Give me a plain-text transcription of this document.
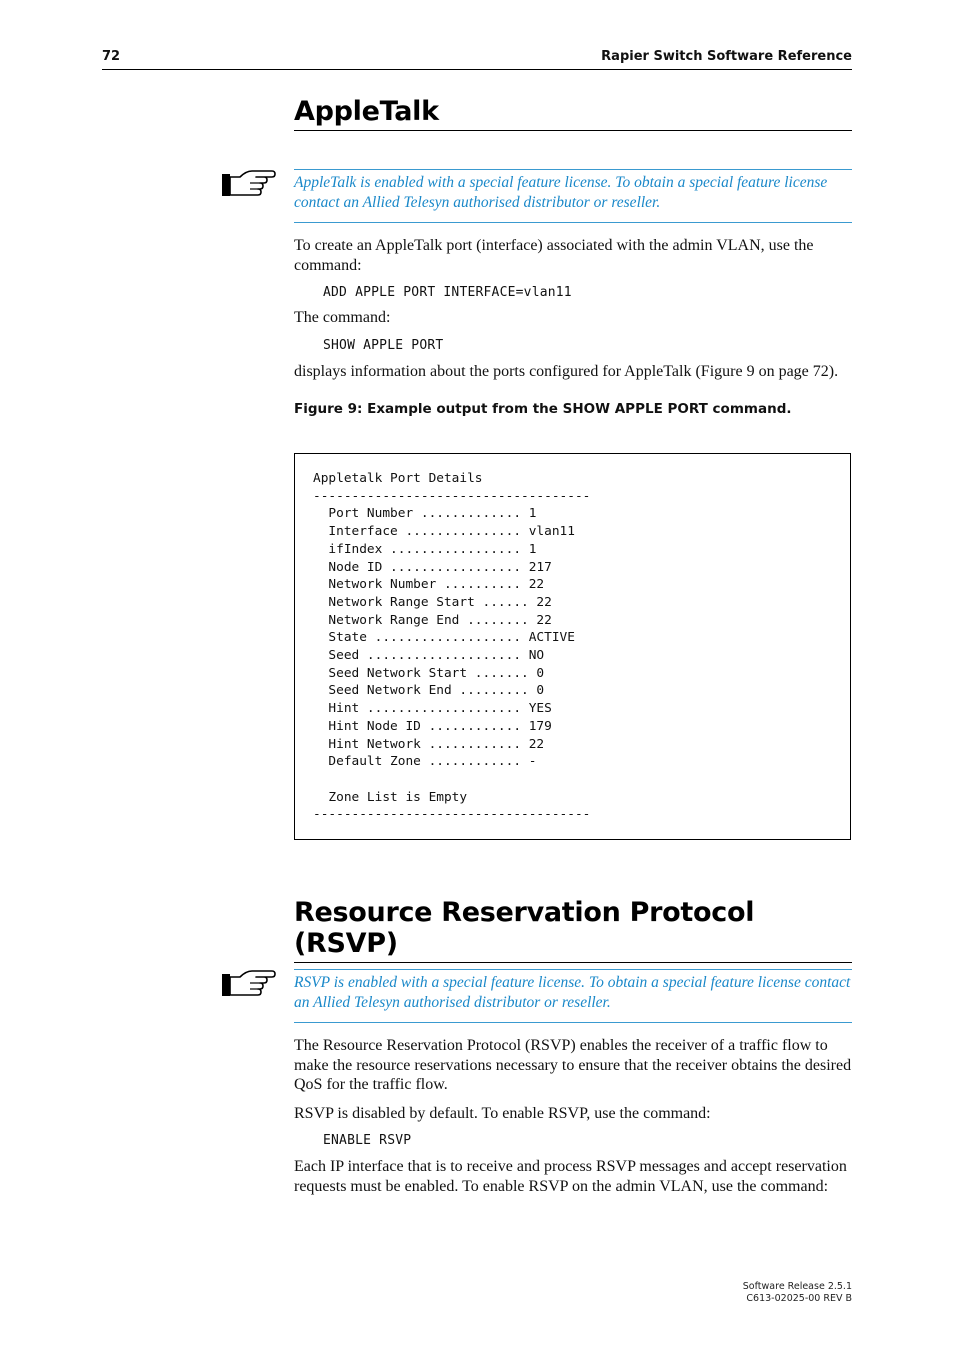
72	Rapier Switch Software Reference
AppleTalk

AppleTalk is enabled with a special feature license. To obtain a special feature license contact an Allied Telesyn authorised distributor or reseller.

To create an AppleTalk port (interface) associated with the admin VLAN, use the command:

ADD APPLE PORT INTERFACE=vlan11

The command:

SHOW APPLE PORT

displays information about the ports configured for AppleTalk (Figure 9 on page 72).

Figure 9: Example output from the SHOW APPLE PORT command.
Appletalk Port Details
------------------------------------
Port Number ............. 1
Interface ............... vlan11
ifIndex ................. 1
Node ID ................. 217
Network Number .......... 22
Network Range Start ...... 22
Network Range End ........ 22
State ................... ACTIVE
Seed .................... NO
Seed Network Start ....... 0
Seed Network End ......... 0
Hint .................... YES
Hint Node ID ............ 179
Hint Network ............ 22
Default Zone ............ -

Zone List is Empty
------------------------------------
Resource Reservation Protocol (RSVP)

RSVP is enabled with a special feature license. To obtain a special feature license contact an Allied Telesyn authorised distributor or reseller.

The Resource Reservation Protocol (RSVP) enables the receiver of a traffic flow to make the resource reservations necessary to ensure that the receiver obtains the desired QoS for the traffic flow.

RSVP is disabled by default. To enable RSVP, use the command:

ENABLE RSVP

Each IP interface that is to receive and process RSVP messages and accept reservation requests must be enabled. To enable RSVP on the admin VLAN, use the command:

Software Release 2.5.1
C613-02025-00 REV B
